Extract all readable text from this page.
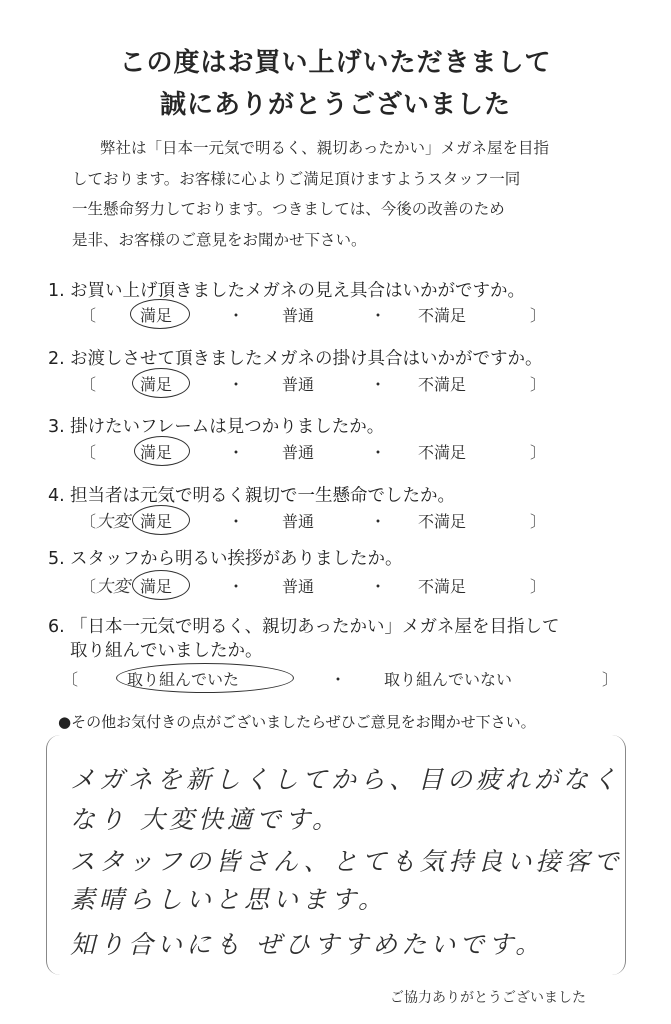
この度はお買い上げいただきまして
誠にありがとうございました

弊社は「日本一元気で明るく、親切あったかい」メガネ屋を目指
しております。お客様に心よりご満足頂けますようスタッフ一同
一生懸命努力しております。つきましては、今後の改善のため
是非、お客様のご意見をお聞かせ下さい。

1. お買い上げ頂きましたメガネの見え具合はいかがですか。
〔	満足	・ 普通	・ 不満足	〕
2. お渡しさせて頂きましたメガネの掛け具合はいかがですか。
〔	満足	・ 普通	・ 不満足	〕
3. 掛けたいフレームは見つかりましたか。
〔	満足	・ 普通	・ 不満足	〕
4. 担当者は元気で明るく親切で一生懸命でしたか。
〔 大変 満足	・ 普通	・ 不満足	〕
5. スタッフから明るい挨拶がありましたか。
〔 大変 満足	・ 普通	・ 不満足	〕
6. 「日本一元気で明るく、親切あったかい」メガネ屋を目指して
取り組んでいましたか。
〔	取り組んでいた	・ 取り組んでいない	〕
●その他お気付きの点がございましたらぜひご意見をお聞かせ下さい。
メガネを新しくしてから、目の疲れがなく
なり 大変快適です。
スタッフの皆さん、とても気持良い接客で
素晴らしいと思います。
知り合いにも ぜひすすめたいです。
ご協力ありがとうございました
